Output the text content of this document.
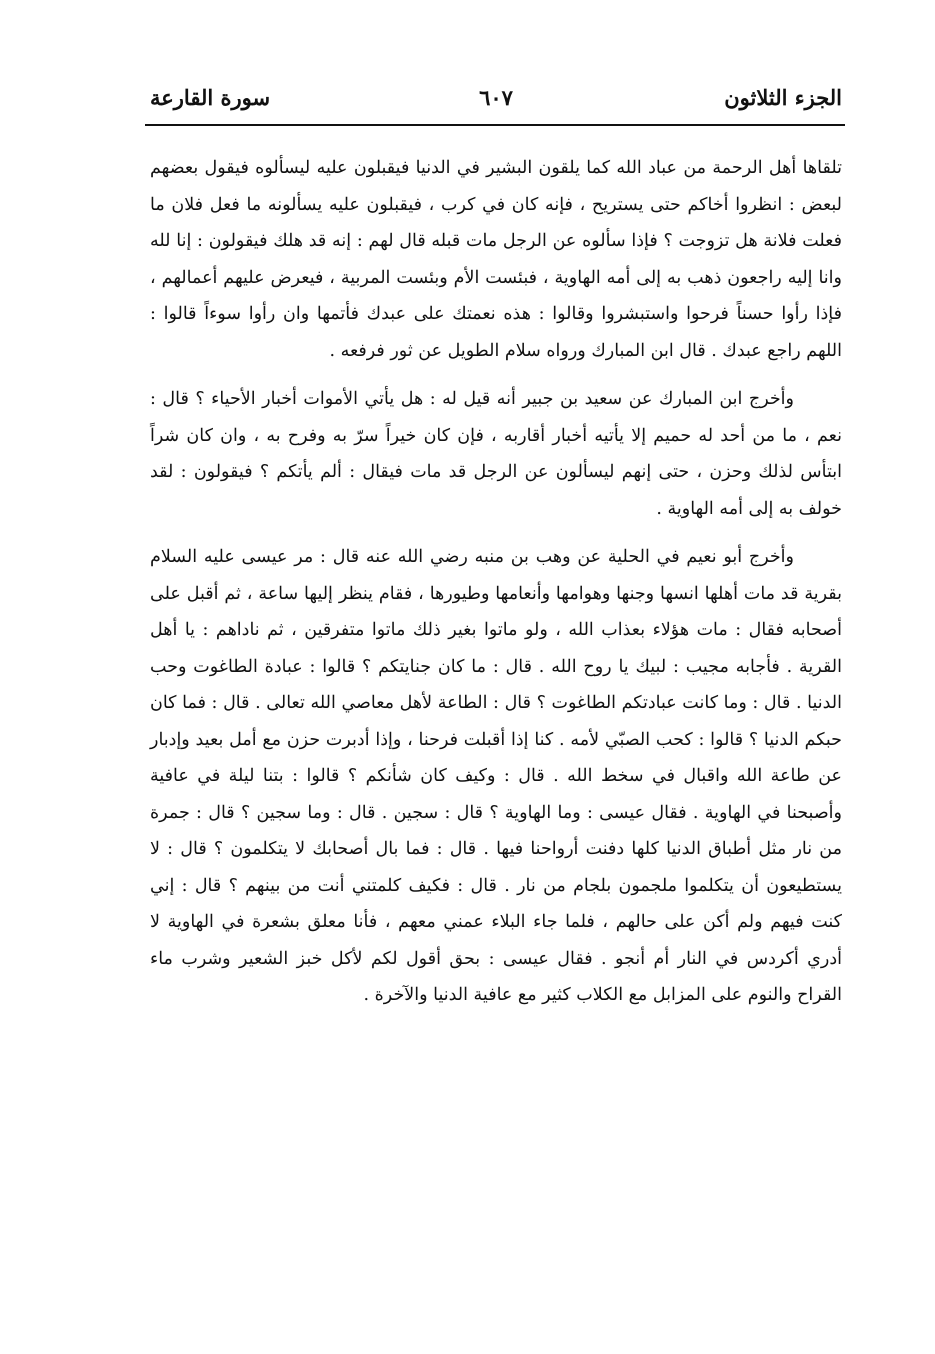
الجزء الثلاثون
٦٠٧
سورة القارعة

تلقاها أهل الرحمة من عباد الله كما يلقون البشير في الدنيا فيقبلون عليه ليسألوه فيقول بعضهم لبعض : انظروا أخاكم حتى يستريح ، فإنه كان في كرب ، فيقبلون عليه يسألونه ما فعل فلان ما فعلت فلانة هل تزوجت ؟ فإذا سألوه عن الرجل مات قبله قال لهم : إنه قد هلك فيقولون : إنا لله وانا إليه راجعون ذهب به إلى أمه الهاوية ، فبئست الأم وبئست المربية ، فيعرض عليهم أعمالهم ، فإذا رأوا حسناً فرحوا واستبشروا وقالوا : هذه نعمتك على عبدك فأتمها وان رأوا سوءاً قالوا : اللهم راجع عبدك . قال ابن المبارك ورواه سلام الطويل عن ثور فرفعه .

وأخرج ابن المبارك عن سعيد بن جبير أنه قيل له : هل يأتي الأموات أخبار الأحياء ؟ قال : نعم ، ما من أحد له حميم إلا يأتيه أخبار أقاربه ، فإن كان خيراً سرّ به وفرح به ، وان كان شراً ابتأس لذلك وحزن ، حتى إنهم ليسألون عن الرجل قد مات فيقال : ألم يأتكم ؟ فيقولون : لقد خولف به إلى أمه الهاوية .

وأخرج أبو نعيم في الحلية عن وهب بن منبه رضي الله عنه قال : مر عيسى عليه السلام بقرية قد مات أهلها انسها وجنها وهوامها وأنعامها وطيورها ، فقام ينظر إليها ساعة ، ثم أقبل على أصحابه فقال : مات هؤلاء بعذاب الله ، ولو ماتوا بغير ذلك ماتوا متفرقين ، ثم ناداهم : يا أهل القرية . فأجابه مجيب : لبيك يا روح الله . قال : ما كان جنايتكم ؟ قالوا : عبادة الطاغوت وحب الدنيا . قال : وما كانت عبادتكم الطاغوت ؟ قال : الطاعة لأهل معاصي الله تعالى . قال : فما كان حبكم الدنيا ؟ قالوا : كحب الصبّي لأمه . كنا إذا أقبلت فرحنا ، وإذا أدبرت حزن مع أمل بعيد وإدبار عن طاعة الله واقبال في سخط الله . قال : وكيف كان شأنكم ؟ قالوا : بتنا ليلة في عافية وأصبحنا في الهاوية . فقال عيسى : وما الهاوية ؟ قال : سجين . قال : وما سجين ؟ قال : جمرة من نار مثل أطباق الدنيا كلها دفنت أرواحنا فيها . قال : فما بال أصحابك لا يتكلمون ؟ قال : لا يستطيعون أن يتكلموا ملجمون بلجام من نار . قال : فكيف كلمتني أنت من بينهم ؟ قال : إني كنت فيهم ولم أكن على حالهم ، فلما جاء البلاء عمني معهم ، فأنا معلق بشعرة في الهاوية لا أدري أكردس في النار أم أنجو . فقال عيسى : بحق أقول لكم لأكل خبز الشعير وشرب ماء القراح والنوم على المزابل مع الكلاب كثير مع عافية الدنيا والآخرة .
